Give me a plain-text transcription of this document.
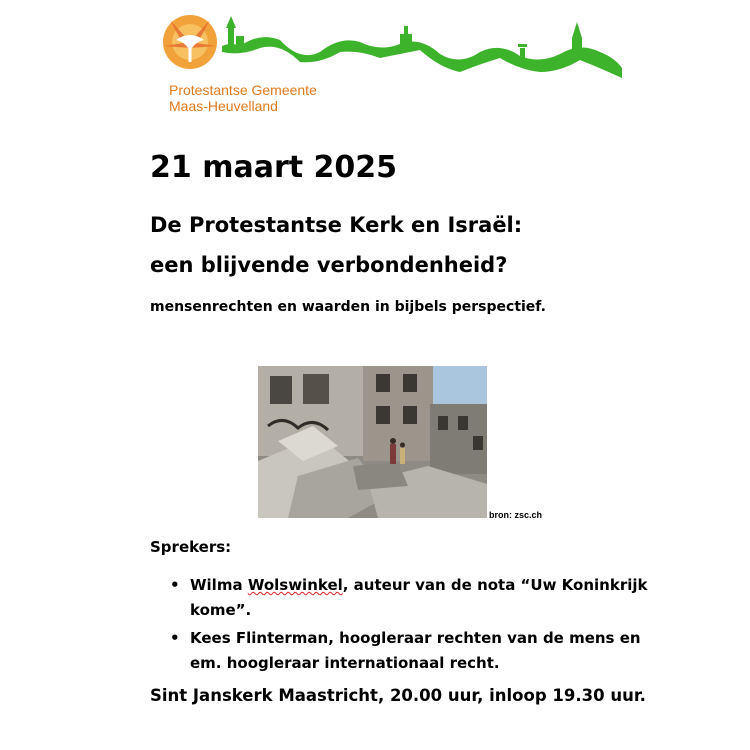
Protestantse Gemeente
Maas-Heuvelland
21 maart 2025
De Protestantse Kerk en Israël:
een blijvende verbondenheid?
mensenrechten en waarden in bijbels perspectief.
bron: zsc.ch
Sprekers:
• Wilma Wolswinkel, auteur van de nota “Uw Koninkrijk kome”.
• Kees Flinterman, hoogleraar rechten van de mens en em. hoogleraar internationaal recht.
Sint Janskerk Maastricht, 20.00 uur, inloop 19.30 uur.
